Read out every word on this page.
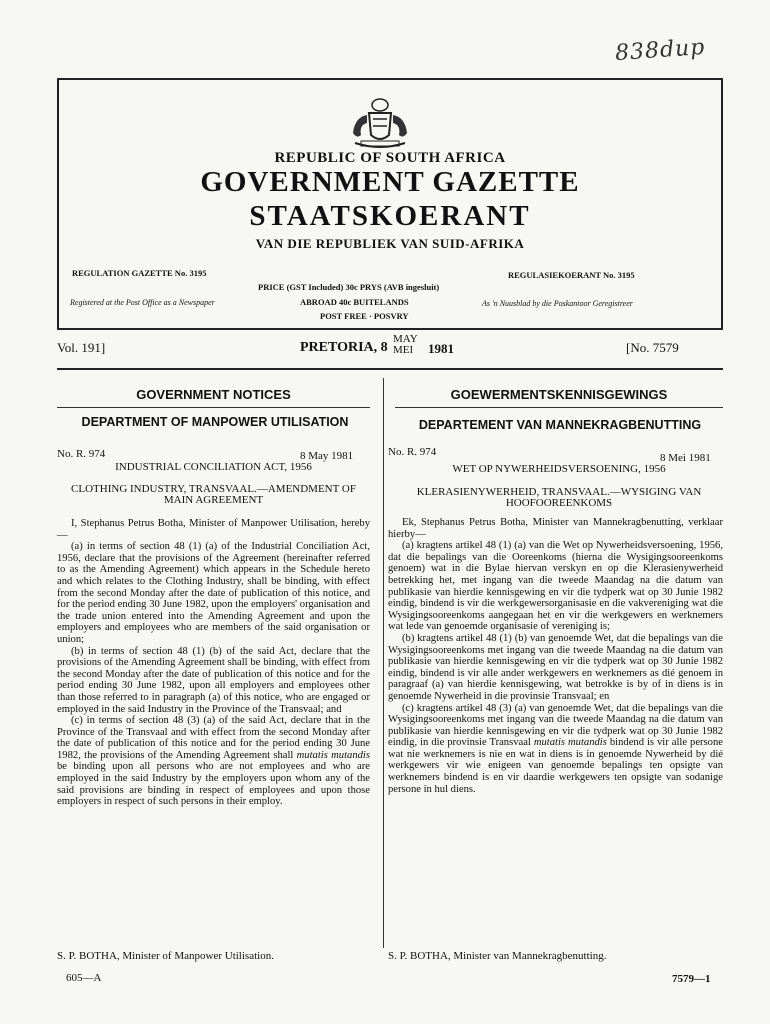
838dup
REPUBLIC OF SOUTH AFRICA
GOVERNMENT GAZETTE
STAATSKOERANT
VAN DIE REPUBLIEK VAN SUID-AFRIKA
REGULATION GAZETTE No. 3195	REGULASIEKOERANT No. 3195
PRICE (GST Included) 30c PRYS (AVB ingesluit)
Registered at the Post Office as a Newspaper	ABROAD 40c BUITELANDS	As 'n Nuusblad by die Poskantoor Geregistreer
POST FREE · POSVRY
Vol. 191]	PRETORIA, 8
MAY
MEI	1981	[No. 7579
GOVERNMENT NOTICES
DEPARTMENT OF MANPOWER UTILISATION
No. R. 974	8 May 1981
INDUSTRIAL CONCILIATION ACT, 1956
CLOTHING INDUSTRY, TRANSVAAL.—AMENDMENT OF MAIN AGREEMENT

I, Stephanus Petrus Botha, Minister of Manpower Utilisation, hereby—

(a) in terms of section 48 (1) (a) of the Industrial Conciliation Act, 1956, declare that the provisions of the Agreement (hereinafter referred to as the Amending Agreement) which appears in the Schedule hereto and which relates to the Clothing Industry, shall be binding, with effect from the second Monday after the date of publication of this notice, and for the period ending 30 June 1982, upon the employers' organisation and the trade union entered into the Amending Agreement and upon the employers and employees who are members of the said organisation or union;

(b) in terms of section 48 (1) (b) of the said Act, declare that the provisions of the Amending Agreement shall be binding, with effect from the second Monday after the date of publication of this notice and for the period ending 30 June 1982, upon all employers and employees other than those referred to in paragraph (a) of this notice, who are engaged or employed in the said Industry in the Province of the Transvaal; and

(c) in terms of section 48 (3) (a) of the said Act, declare that in the Province of the Transvaal and with effect from the second Monday after the date of publication of this notice and for the period ending 30 June 1982, the provisions of the Amending Agreement shall mutatis mutandis be binding upon all persons who are not employees and who are employed in the said Industry by the employers upon whom any of the said provisions are binding in respect of employees and upon those employers in respect of such persons in their employ.

S. P. BOTHA, Minister of Manpower Utilisation.
605—A
GOEWERMENTSKENNISGEWINGS
DEPARTEMENT VAN MANNEKRAGBENUTTING
No. R. 974	8 Mei 1981
WET OP NYWERHEIDSVERSOENING, 1956
KLERASIENYWERHEID, TRANSVAAL.—WYSIGING VAN HOOFOOREENKOMS

Ek, Stephanus Petrus Botha, Minister van Mannekragbenutting, verklaar hierby—

(a) kragtens artikel 48 (1) (a) van die Wet op Nywerheidsversoening, 1956, dat die bepalings van die Ooreenkoms (hierna die Wysigingsooreenkoms genoem) wat in die Bylae hiervan verskyn en op die Klerasienywerheid betrekking het, met ingang van die tweede Maandag na die datum van publikasie van hierdie kennisgewing en vir die tydperk wat op 30 Junie 1982 eindig, bindend is vir die werkgewersorganisasie en die vakvereniging wat die Wysigingsooreenkoms aangegaan het en vir die werkgewers en werknemers wat lede van genoemde organisasie of vereniging is;

(b) kragtens artikel 48 (1) (b) van genoemde Wet, dat die bepalings van die Wysigingsooreenkoms met ingang van die tweede Maandag na die datum van publikasie van hierdie kennisgewing en vir die tydperk wat op 30 Junie 1982 eindig, bindend is vir alle ander werkgewers en werknemers as dié genoem in paragraaf (a) van hierdie kennisgewing, wat betrokke is by of in diens is in genoemde Nywerheid in die provinsie Transvaal; en

(c) kragtens artikel 48 (3) (a) van genoemde Wet, dat die bepalings van die Wysigingsooreenkoms met ingang van die tweede Maandag na die datum van publikasie van hierdie kennisgewing en vir die tydperk wat op 30 Junie 1982 eindig, in die provinsie Transvaal mutatis mutandis bindend is vir alle persone wat nie werknemers is nie en wat in diens is in genoemde Nywerheid by dié werkgewers vir wie enigeen van genoemde bepalings ten opsigte van werknemers bindend is en vir daardie werkgewers ten opsigte van sodanige persone in hul diens.

S. P. BOTHA, Minister van Mannekragbenutting.
7579—1
